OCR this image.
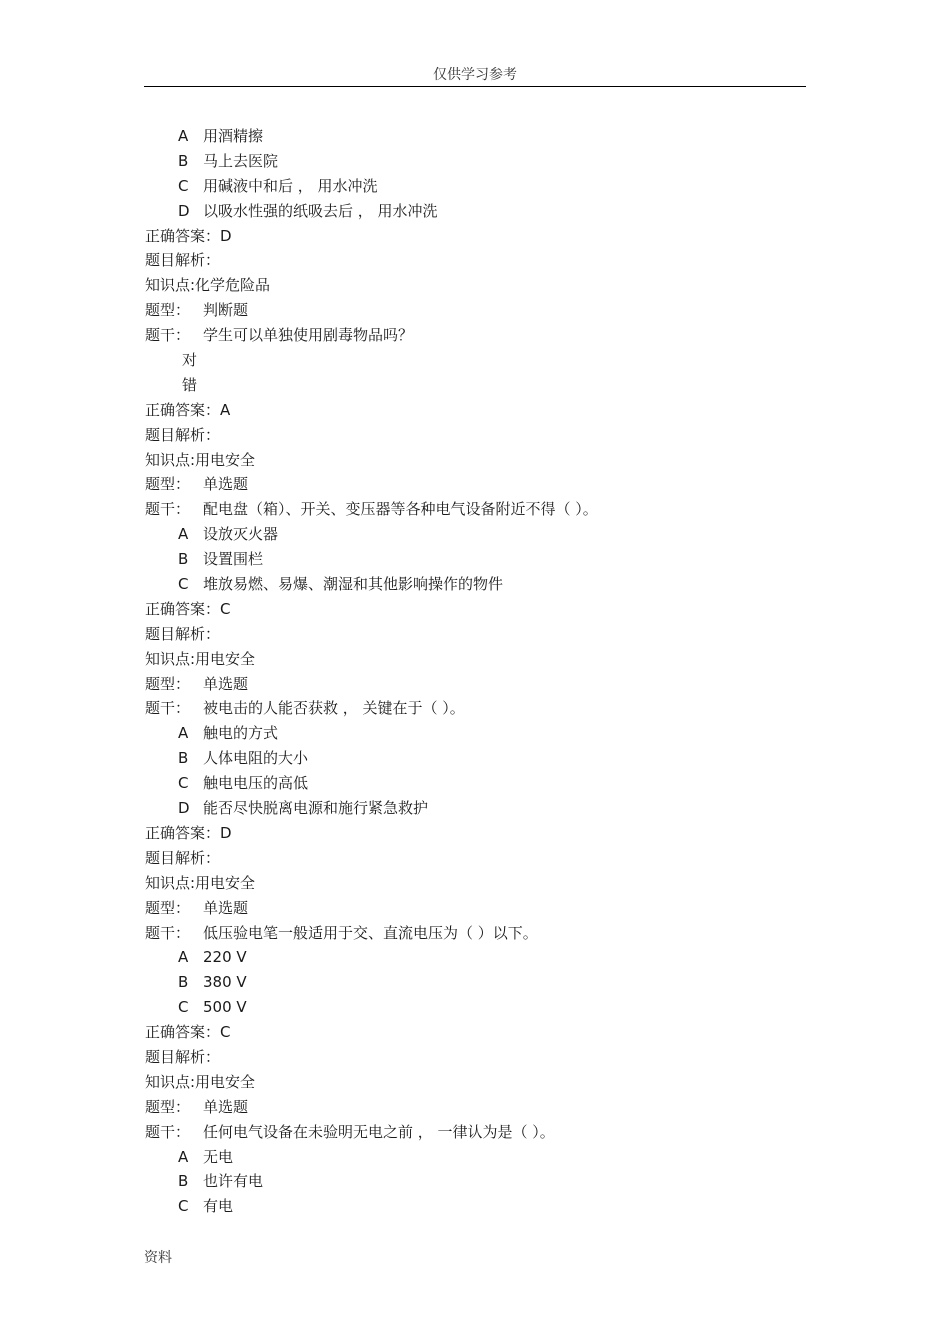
仅供学习参考
A 用酒精擦
B 马上去医院
C 用碱液中和后 ， 用水冲洗
D 以吸水性强的纸吸去后 ， 用水冲洗
正确答案：D
题目解析：
知识点:化学危险品
题型： 判断题
题干： 学生可以单独使用剧毒物品吗？
对
错
正确答案：A
题目解析：
知识点:用电安全
题型： 单选题
题干： 配电盘（箱）、开关、变压器等各种电气设备附近不得（ ）。
A 设放灭火器
B 设置围栏
C 堆放易燃、易爆、潮湿和其他影响操作的物件
正确答案：C
题目解析：
知识点:用电安全
题型： 单选题
题干： 被电击的人能否获救 ， 关键在于（ ）。
A 触电的方式
B 人体电阻的大小
C 触电电压的高低
D 能否尽快脱离电源和施行紧急救护
正确答案：D
题目解析：
知识点:用电安全
题型： 单选题
题干： 低压验电笔一般适用于交、直流电压为（ ）以下。
A 220 V
B 380 V
C 500 V
正确答案：C
题目解析：
知识点:用电安全
题型： 单选题
题干： 任何电气设备在未验明无电之前 ， 一律认为是（ ）。
A 无电
B 也许有电
C 有电
资料
